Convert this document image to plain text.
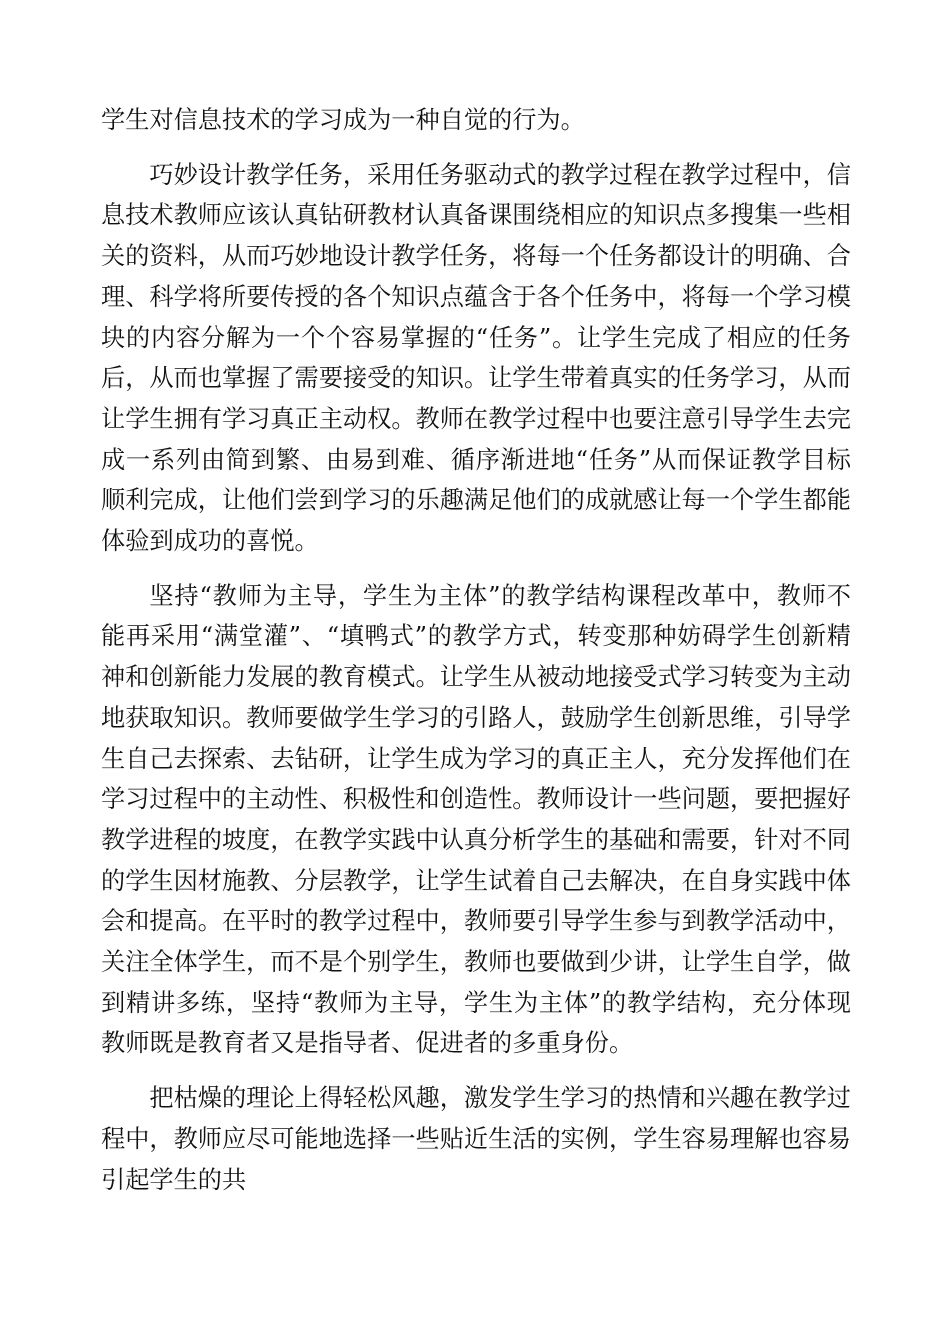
学生对信息技术的学习成为一种自觉的行为。

巧妙设计教学任务，采用任务驱动式的教学过程在教学过程中，信息技术教师应该认真钻研教材认真备课围绕相应的知识点多搜集一些相关的资料，从而巧妙地设计教学任务，将每一个任务都设计的明确、合理、科学将所要传授的各个知识点蕴含于各个任务中，将每一个学习模块的内容分解为一个个容易掌握的“任务”。让学生完成了相应的任务后，从而也掌握了需要接受的知识。让学生带着真实的任务学习，从而让学生拥有学习真正主动权。教师在教学过程中也要注意引导学生去完成一系列由简到繁、由易到难、循序渐进地“任务”从而保证教学目标顺利完成，让他们尝到学习的乐趣满足他们的成就感让每一个学生都能体验到成功的喜悦。

坚持“教师为主导，学生为主体”的教学结构课程改革中，教师不能再采用“满堂灌”、“填鸭式”的教学方式，转变那种妨碍学生创新精神和创新能力发展的教育模式。让学生从被动地接受式学习转变为主动地获取知识。教师要做学生学习的引路人，鼓励学生创新思维，引导学生自己去探索、去钻研，让学生成为学习的真正主人，充分发挥他们在学习过程中的主动性、积极性和创造性。教师设计一些问题，要把握好教学进程的坡度，在教学实践中认真分析学生的基础和需要，针对不同的学生因材施教、分层教学，让学生试着自己去解决，在自身实践中体会和提高。在平时的教学过程中，教师要引导学生参与到教学活动中，关注全体学生，而不是个别学生，教师也要做到少讲，让学生自学，做到精讲多练，坚持“教师为主导，学生为主体”的教学结构，充分体现教师既是教育者又是指导者、促进者的多重身份。

把枯燥的理论上得轻松风趣，激发学生学习的热情和兴趣在教学过程中，教师应尽可能地选择一些贴近生活的实例，学生容易理解也容易引起学生的共
